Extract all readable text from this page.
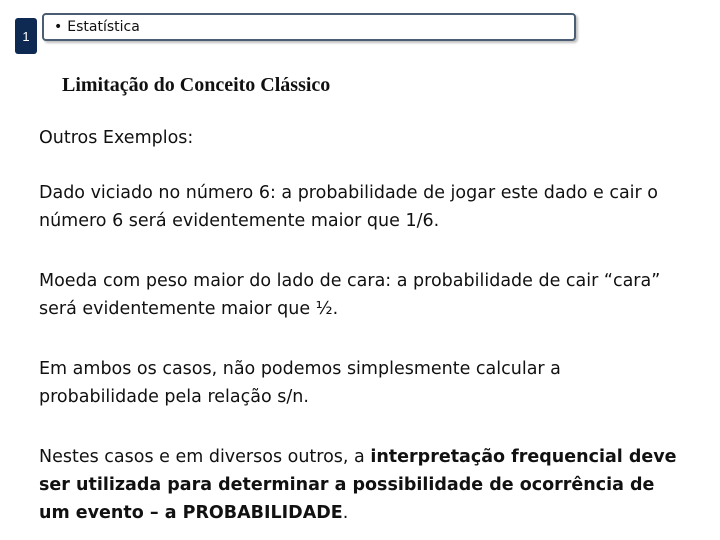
1
• Estatística
Limitação do Conceito Clássico

Outros Exemplos:

Dado viciado no número 6: a probabilidade de jogar este dado e cair o número 6 será evidentemente maior que 1/6.

Moeda com peso maior do lado de cara: a probabilidade de cair “cara” será evidentemente maior que ½.

Em ambos os casos, não podemos simplesmente calcular a probabilidade pela relação s/n.

Nestes casos e em diversos outros, a interpretação frequencial deve ser utilizada para determinar a possibilidade de ocorrência de um evento – a PROBABILIDADE.
